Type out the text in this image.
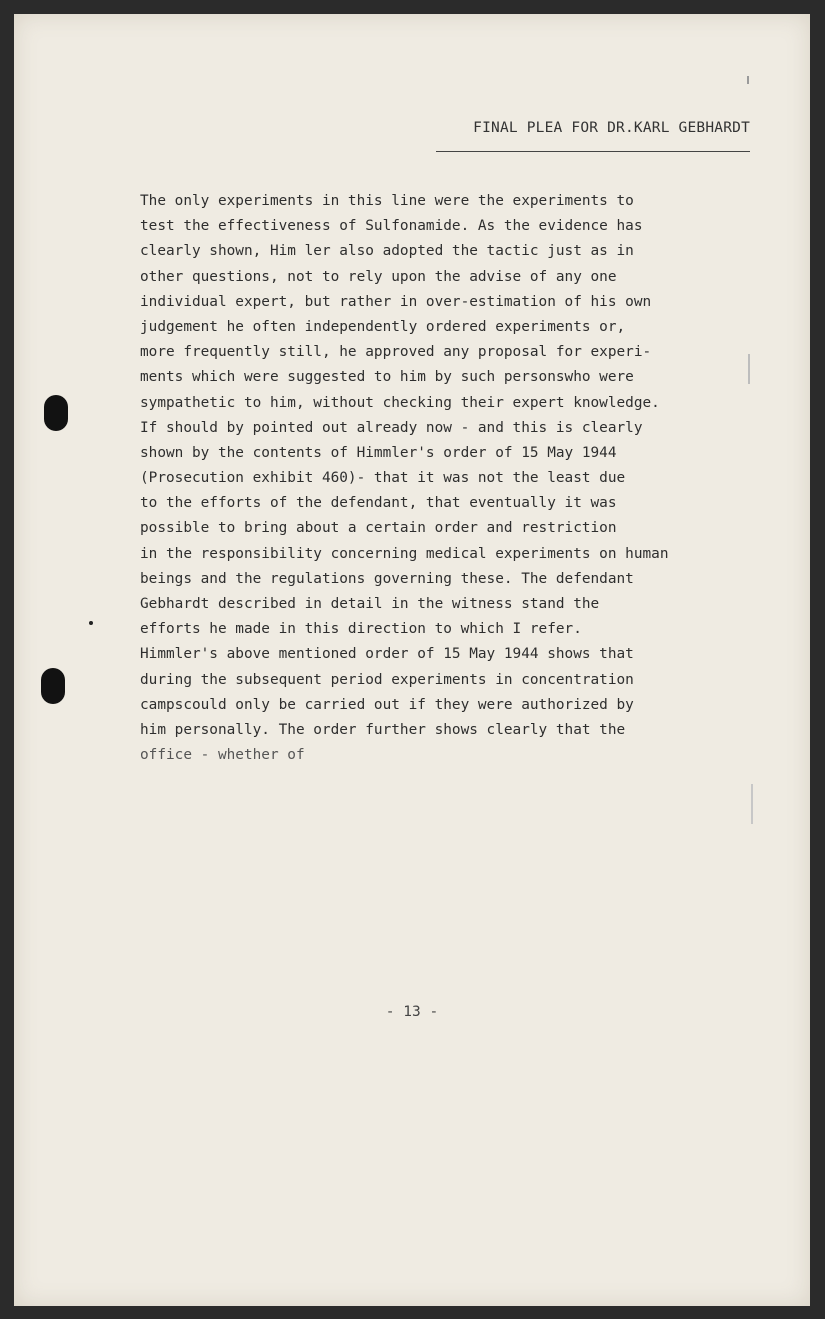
FINAL PLEA FOR DR.KARL GEBHARDT
The only experiments in this line were the experiments to
test the effectiveness of Sulfonamide. As the evidence has
clearly shown, Him ler also adopted the tactic just as in
other questions, not to rely upon the advise of any one
individual expert, but rather in over-estimation of his own
judgement he often independently ordered experiments or,
more frequently still, he approved any proposal for experi-
ments which were suggested to him by such personswho were
sympathetic to him, without checking their expert knowledge.
If should by pointed out already now - and this is clearly
shown by the contents of Himmler's order of 15 May 1944
(Prosecution exhibit 460)- that it was not the least due
to the efforts of the defendant, that eventually it was
possible to bring about a certain order and restriction
in the responsibility concerning medical experiments on human
beings and the regulations governing these. The defendant
Gebhardt described in detail in the witness stand the
efforts he made in this direction to which I refer.
Himmler's above mentioned order of 15 May 1944 shows that
during the subsequent period experiments in concentration
campscould only be carried out if they were authorized by
him personally. The order further shows clearly that the
office - whether of
- 13 -
